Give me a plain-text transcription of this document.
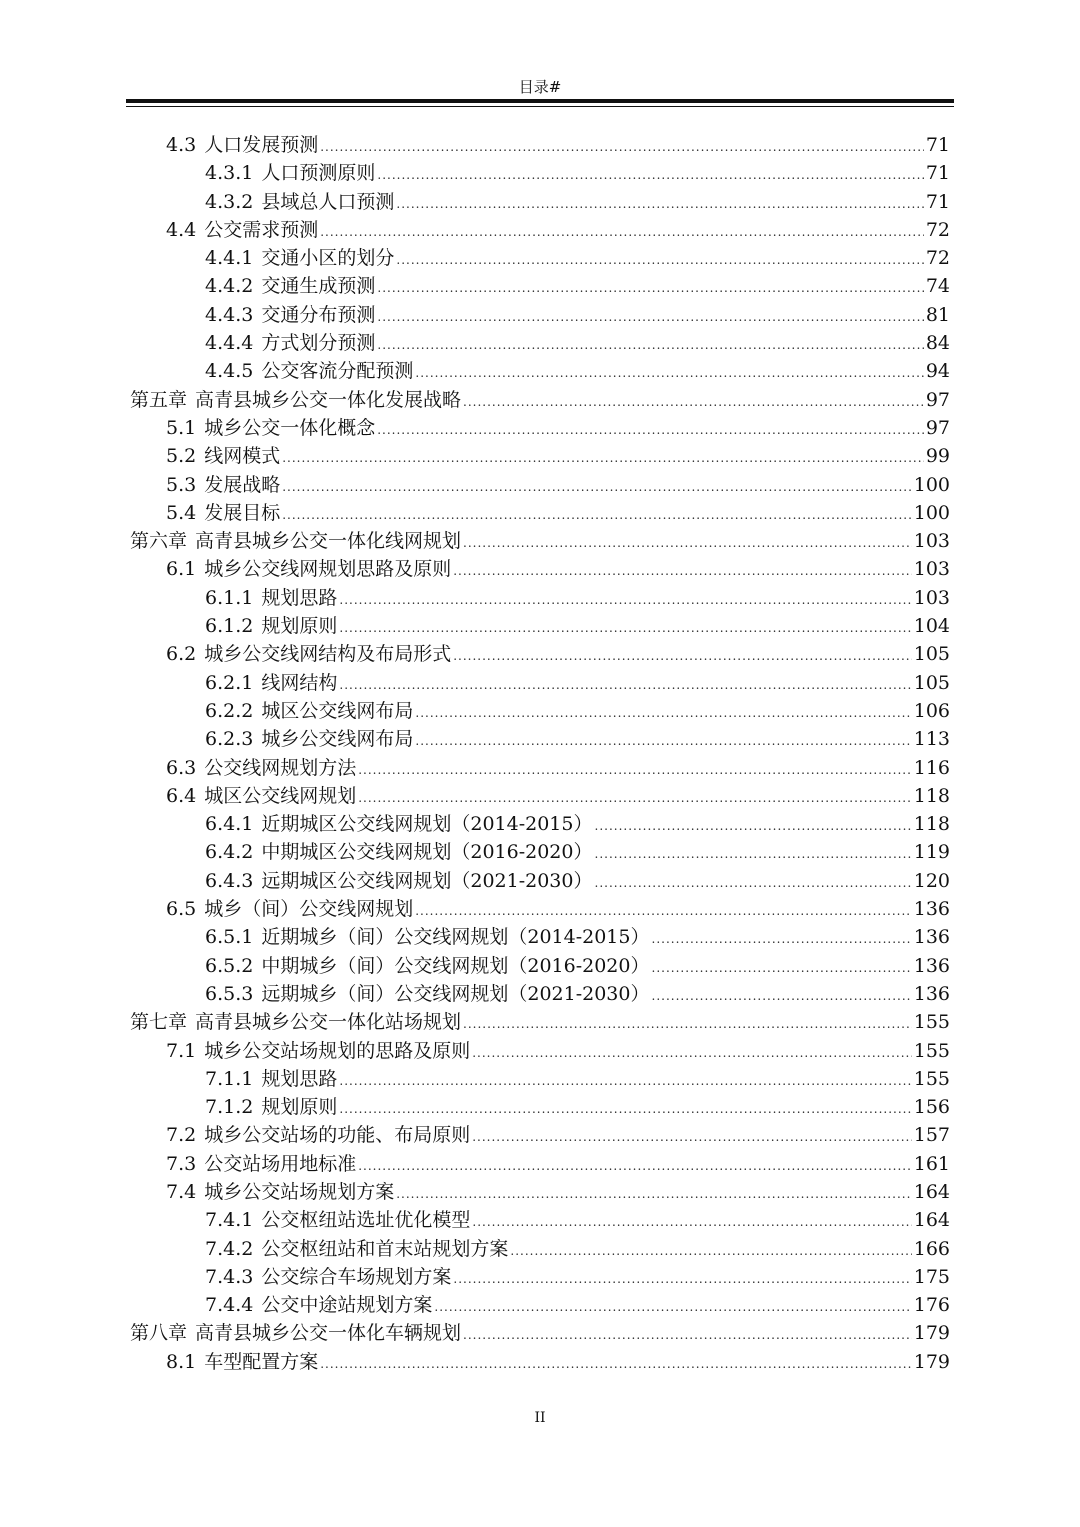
目录#
4.3 人口发展预测 .....	71
4.3.1 人口预测原则 .....	71
4.3.2 县域总人口预测 .....	71
4.4 公交需求预测 .....	72
4.4.1 交通小区的划分 .....	72
4.4.2 交通生成预测 .....	74
4.4.3 交通分布预测 .....	81
4.4.4 方式划分预测 .....	84
4.4.5 公交客流分配预测 .....	94
第五章 高青县城乡公交一体化发展战略 .....	97
5.1 城乡公交一体化概念 .....	97
5.2 线网模式 .....	99
5.3 发展战略 .....	100
5.4 发展目标 .....	100
第六章 高青县城乡公交一体化线网规划 .....	103
6.1 城乡公交线网规划思路及原则 .....	103
6.1.1 规划思路 .....	103
6.1.2 规划原则 .....	104
6.2 城乡公交线网结构及布局形式 .....	105
6.2.1 线网结构 .....	105
6.2.2 城区公交线网布局 .....	106
6.2.3 城乡公交线网布局 .....	113
6.3 公交线网规划方法 .....	116
6.4 城区公交线网规划 .....	118
6.4.1 近期城区公交线网规划（2014-2015） .....	118
6.4.2 中期城区公交线网规划（2016-2020） .....	119
6.4.3 远期城区公交线网规划（2021-2030） .....	120
6.5 城乡（间）公交线网规划 .....	136
6.5.1 近期城乡（间）公交线网规划（2014-2015） .....	136
6.5.2 中期城乡（间）公交线网规划（2016-2020） .....	136
6.5.3 远期城乡（间）公交线网规划（2021-2030） .....	136
第七章 高青县城乡公交一体化站场规划 .....	155
7.1 城乡公交站场规划的思路及原则 .....	155
7.1.1 规划思路 .....	155
7.1.2 规划原则 .....	156
7.2 城乡公交站场的功能、布局原则 .....	157
7.3 公交站场用地标准 .....	161
7.4 城乡公交站场规划方案 .....	164
7.4.1 公交枢纽站选址优化模型 .....	164
7.4.2 公交枢纽站和首末站规划方案 .....	166
7.4.3 公交综合车场规划方案 .....	175
7.4.4 公交中途站规划方案 .....	176
第八章 高青县城乡公交一体化车辆规划 .....	179
8.1 车型配置方案 .....	179
II
